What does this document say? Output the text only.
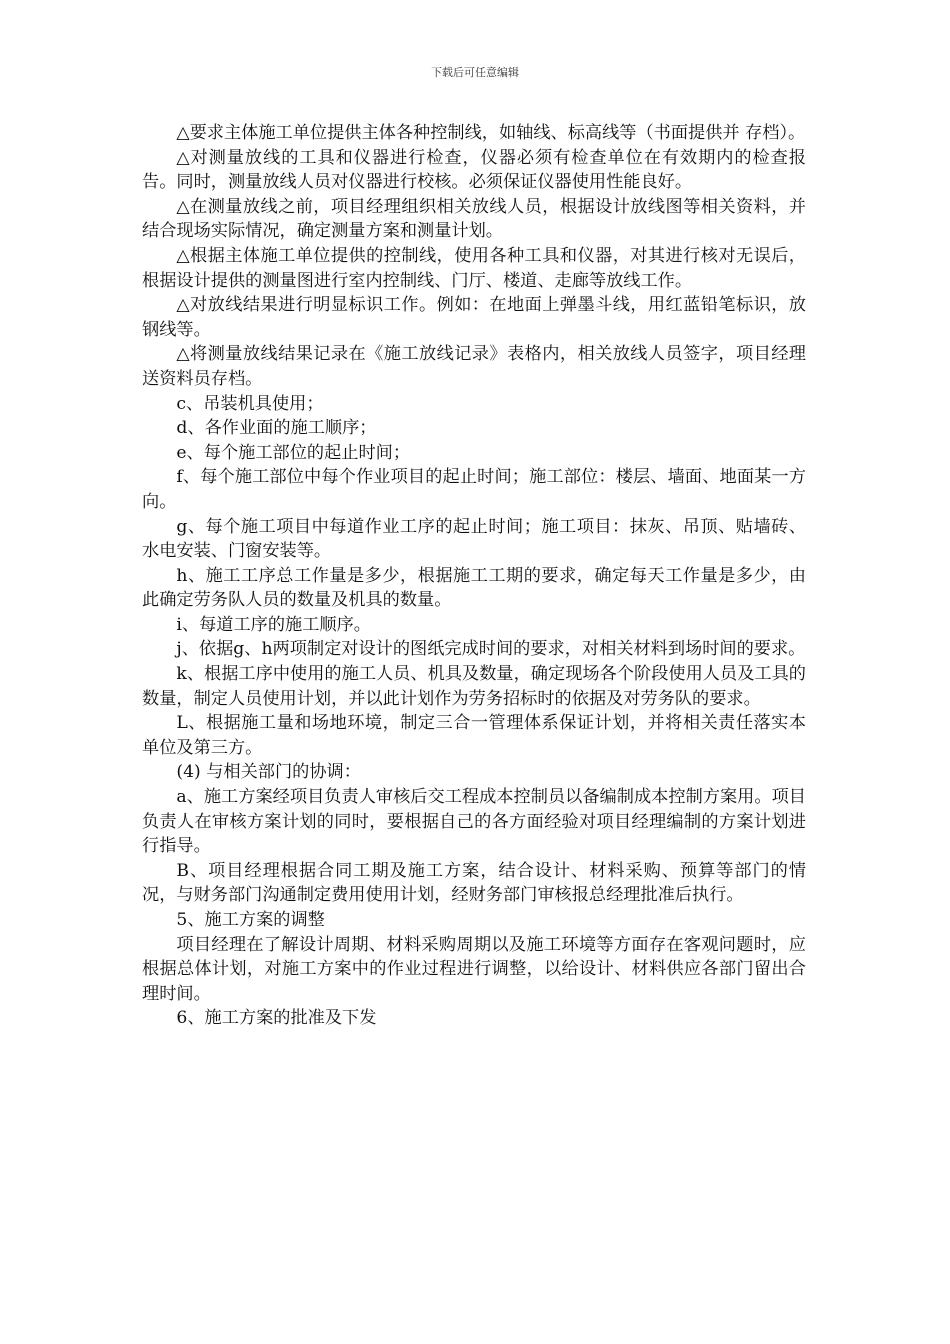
下载后可任意编辑

△要求主体施工单位提供主体各种控制线，如轴线、标高线等（书面提供并 存档）。

△对测量放线的工具和仪器进行检查，仪器必须有检查单位在有效期内的检查报告。同时，测量放线人员对仪器进行校核。必须保证仪器使用性能良好。

△在测量放线之前，项目经理组织相关放线人员，根据设计放线图等相关资料，并结合现场实际情况，确定测量方案和测量计划。

△根据主体施工单位提供的控制线，使用各种工具和仪器，对其进行核对无误后，根据设计提供的测量图进行室内控制线、门厅、楼道、走廊等放线工作。

△对放线结果进行明显标识工作。例如：在地面上弹墨斗线，用红蓝铅笔标识，放钢线等。

△将测量放线结果记录在《施工放线记录》表格内，相关放线人员签字，项目经理送资料员存档。

c、吊装机具使用；

d、各作业面的施工顺序；

e、每个施工部位的起止时间；

f、每个施工部位中每个作业项目的起止时间；施工部位：楼层、墙面、地面某一方向。

g、每个施工项目中每道作业工序的起止时间；施工项目：抹灰、吊顶、贴墙砖、水电安装、门窗安装等。

h、施工工序总工作量是多少，根据施工工期的要求，确定每天工作量是多少，由此确定劳务队人员的数量及机具的数量。

i、每道工序的施工顺序。

j、依据g、h两项制定对设计的图纸完成时间的要求，对相关材料到场时间的要求。

k、根据工序中使用的施工人员、机具及数量，确定现场各个阶段使用人员及工具的数量，制定人员使用计划，并以此计划作为劳务招标时的依据及对劳务队的要求。

L、根据施工量和场地环境，制定三合一管理体系保证计划，并将相关责任落实本单位及第三方。

(4) 与相关部门的协调：

a、施工方案经项目负责人审核后交工程成本控制员以备编制成本控制方案用。项目负责人在审核方案计划的同时，要根据自己的各方面经验对项目经理编制的方案计划进行指导。

B、项目经理根据合同工期及施工方案，结合设计、材料采购、预算等部门的情况，与财务部门沟通制定费用使用计划，经财务部门审核报总经理批准后执行。

5、施工方案的调整

项目经理在了解设计周期、材料采购周期以及施工环境等方面存在客观问题时，应根据总体计划，对施工方案中的作业过程进行调整，以给设计、材料供应各部门留出合理时间。

6、施工方案的批准及下发
